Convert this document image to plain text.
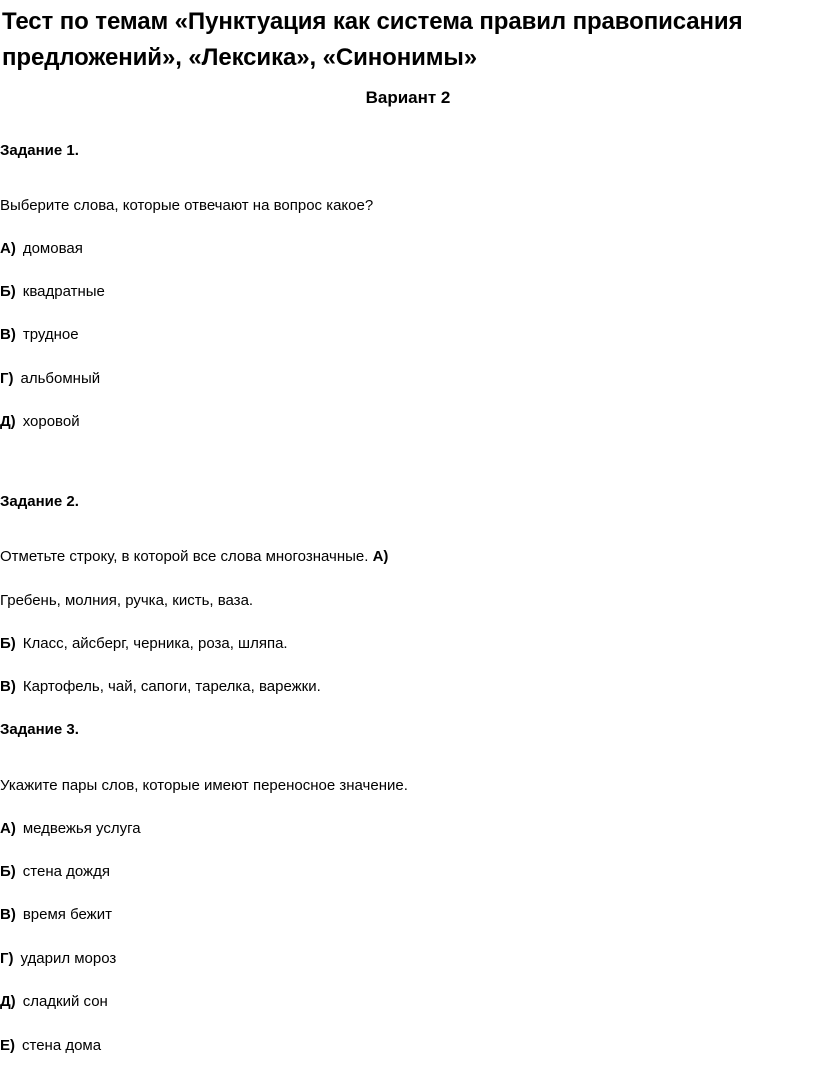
Тест по темам «Пунктуация как система правил правописания
предложений», «Лексика», «Синонимы»
Вариант 2
Задание 1.
Выберите слова, которые отвечают на вопрос какое?
А) домовая
Б) квадратные
В) трудное
Г) альбомный
Д) хоровой
Задание 2.
Отметьте строку, в которой все слова многозначные. А)
Гребень, молния, ручка, кисть, ваза.
Б) Класс, айсберг, черника, роза, шляпа.
В) Картофель, чай, сапоги, тарелка, варежки.
Задание 3.
Укажите пары слов, которые имеют переносное значение.
А) медвежья услуга
Б) стена дождя
В) время бежит
Г) ударил мороз
Д) сладкий сон
Е) стена дома
